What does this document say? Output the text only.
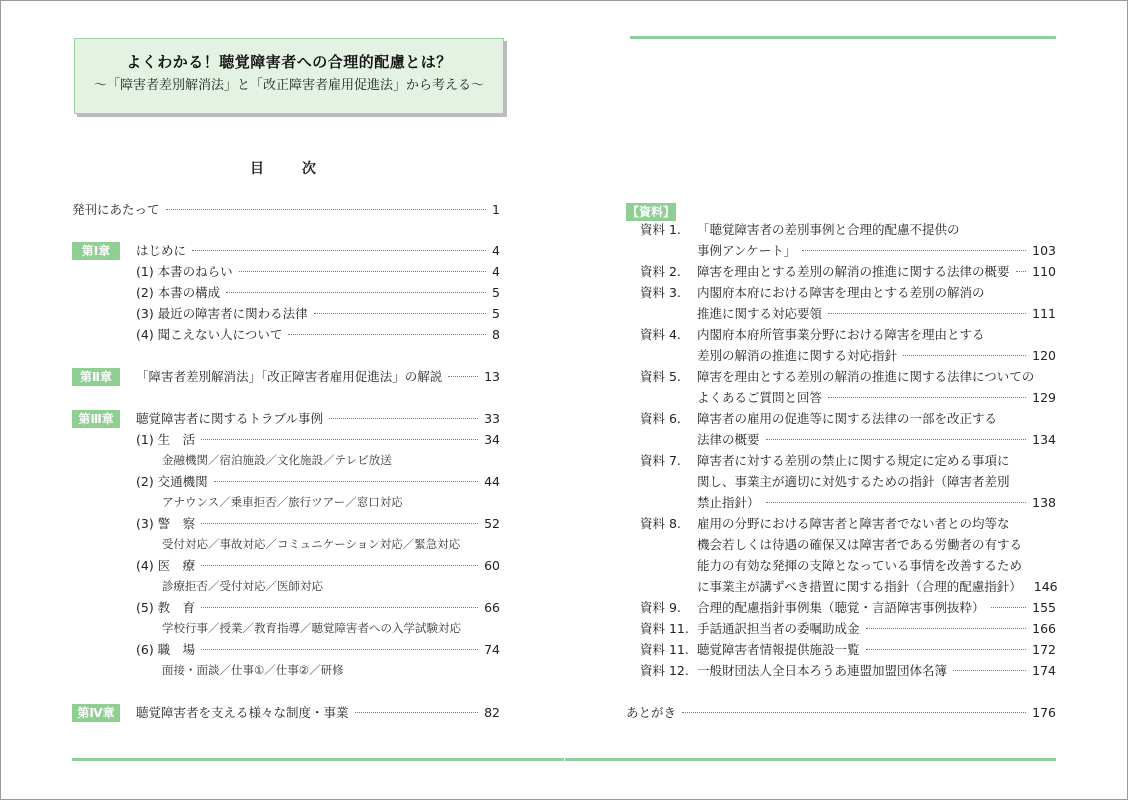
よくわかる！聴覚障害者への合理的配慮とは？
～「障害者差別解消法」と「改正障害者雇用促進法」から考える～
目　次
発刊にあたって	1
第Ⅰ章	はじめに	4
(1) 本書のねらい	4
(2) 本書の構成	5
(3) 最近の障害者に関わる法律	5
(4) 聞こえない人について	8
第Ⅱ章	「障害者差別解消法」「改正障害者雇用促進法」の解説	13
第Ⅲ章	聴覚障害者に関するトラブル事例	33
(1) 生　活	34
金融機関／宿泊施設／文化施設／テレビ放送
(2) 交通機関	44
アナウンス／乗車拒否／旅行ツアー／窓口対応
(3) 警　察	52
受付対応／事故対応／コミュニケーション対応／緊急対応
(4) 医　療	60
診療拒否／受付対応／医師対応
(5) 教　育	66
学校行事／授業／教育指導／聴覚障害者への入学試験対応
(6) 職　場	74
面接・面談／仕事①／仕事②／研修
第Ⅳ章	聴覚障害者を支える様々な制度・事業	82
【資料】
資料 1. 「聴覚障害者の差別事例と合理的配慮不提供の
事例アンケート」	103
資料 2. 障害を理由とする差別の解消の推進に関する法律の概要 110
資料 3. 内閣府本府における障害を理由とする差別の解消の
推進に関する対応要領	111
資料 4. 内閣府本府所管事業分野における障害を理由とする
差別の解消の推進に関する対応指針	120
資料 5. 障害を理由とする差別の解消の推進に関する法律についての
よくあるご質問と回答	129
資料 6. 障害者の雇用の促進等に関する法律の一部を改正する
法律の概要	134
資料 7. 障害者に対する差別の禁止に関する規定に定める事項に
関し、事業主が適切に対処するための指針（障害者差別
禁止指針）	138
資料 8. 雇用の分野における障害者と障害者でない者との均等な
機会若しくは待遇の確保又は障害者である労働者の有する
能力の有効な発揮の支障となっている事情を改善するため
に事業主が講ずべき措置に関する指針（合理的配慮指針） 146
資料 9. 合理的配慮指針事例集（聴覚・言語障害事例抜粋）	155
資料 11. 手話通訳担当者の委嘱助成金	166
資料 11. 聴覚障害者情報提供施設一覧	172
資料 12. 一般財団法人全日本ろうあ連盟加盟団体名簿	174
あとがき	176
